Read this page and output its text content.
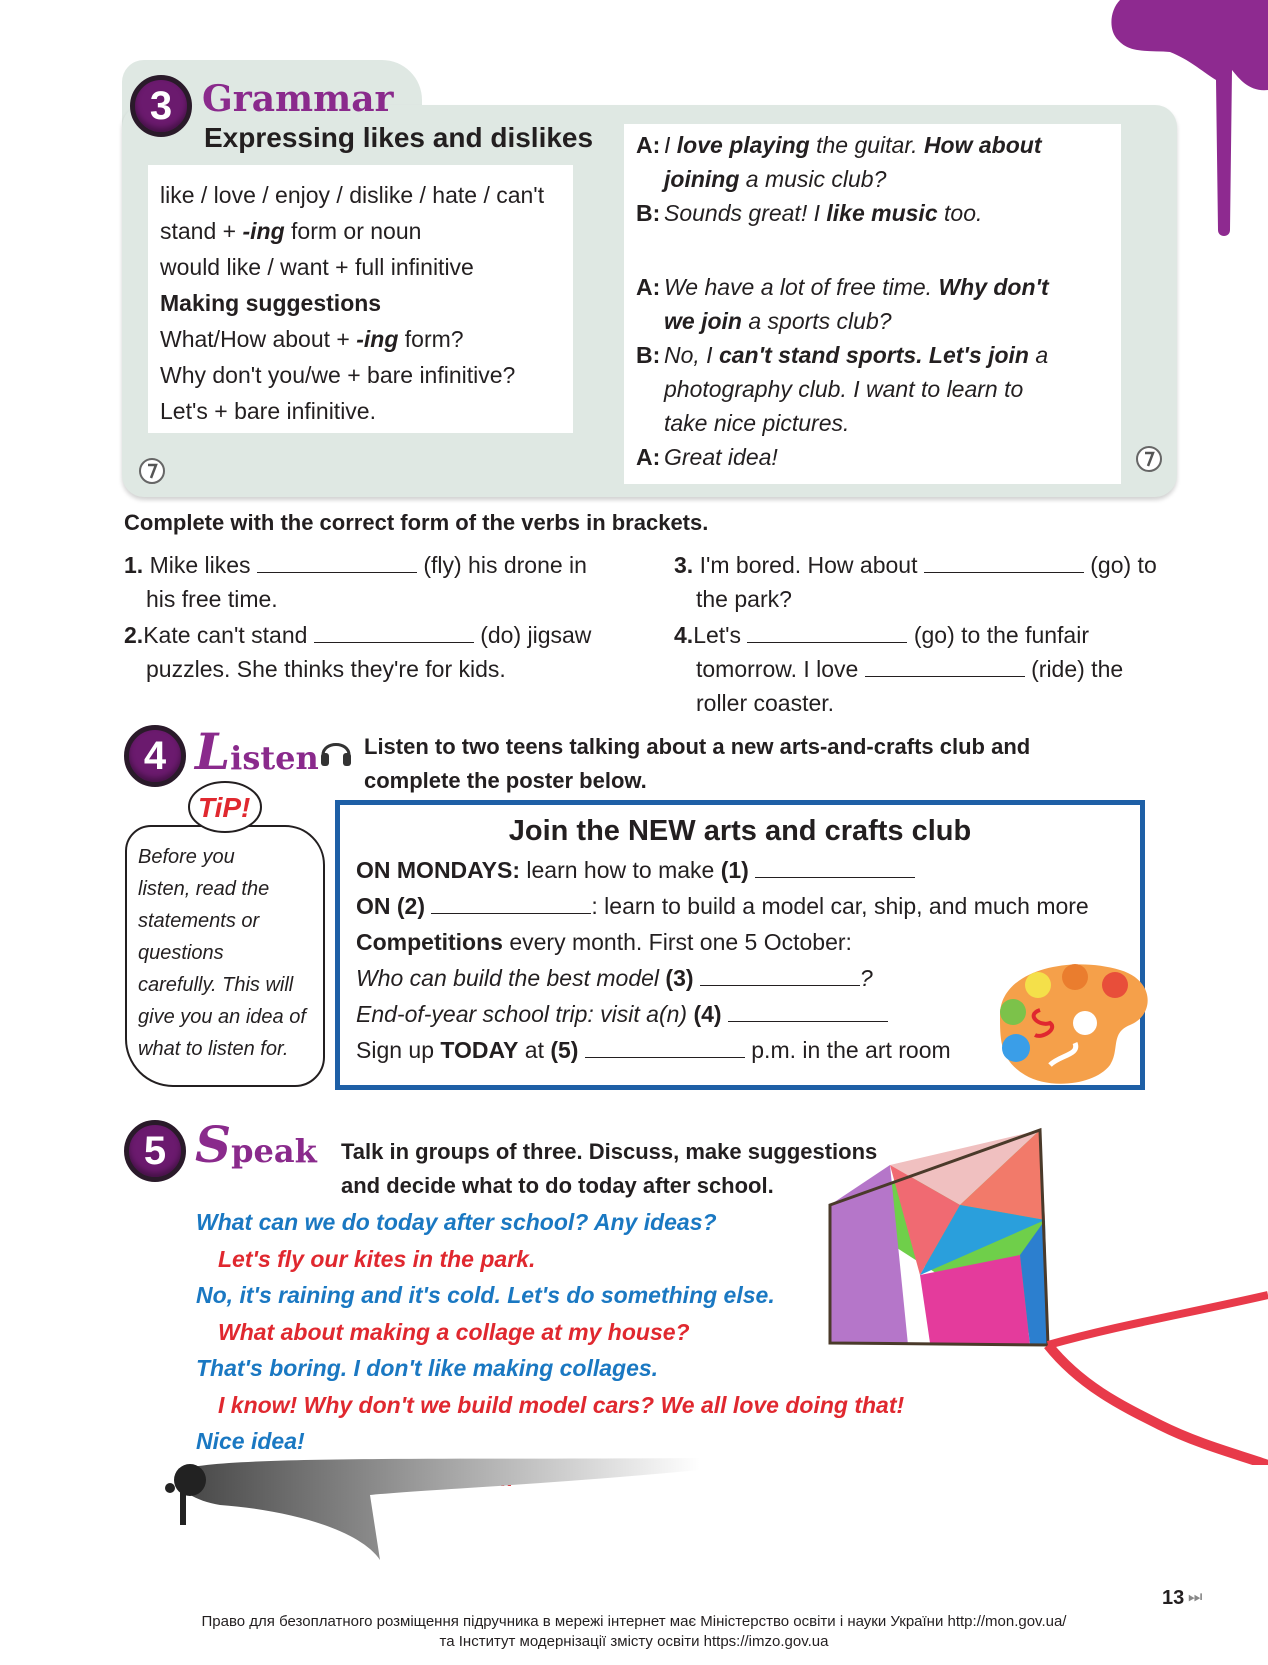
3 Grammar
Expressing likes and dislikes
like / love / enjoy / dislike / hate / can't
stand + -ing form or noun
would like / want + full infinitive
Making suggestions
What/How about + -ing form?
Why don't you/we + bare infinitive?
Let's + bare infinitive.
A: I love playing the guitar. How about
joining a music club?
B: Sounds great! I like music too.
A: We have a lot of free time. Why don't
we join a sports club?
B: No, I can't stand sports. Let's join a
photography club. I want to learn to
take nice pictures.
A: Great idea!
Complete with the correct form of the verbs in brackets.
1. Mike likes	(fly) his drone in
his free time.
2.Kate can't stand	(do) jigsaw
puzzles. She thinks they're for kids.
3. I'm bored. How about	(go) to
the park?
4.Let's	(go) to the funfair
tomorrow. I love	(ride) the
roller coaster.
4 Listen Listen to two teens talking about a new arts-and-crafts club and
complete the poster below.
TiP!
Before you
listen, read the
statements or
questions
carefully. This will
give you an idea of
what to listen for.
Join the NEW arts and crafts club
ON MONDAYS: learn how to make (1)
ON (2)	: learn to build a model car, ship, and much more
Competitions every month. First one 5 October:
Who can build the best model (3)	?
End-of-year school trip: visit a(n) (4)
Sign up TODAY at (5)	p.m. in the art room
5 Speak Talk in groups of three. Discuss, make suggestions
and decide what to do today after school.
What can we do today after school? Any ideas?
Let's fly our kites in the park.
No, it's raining and it's cold. Let's do something else.
What about making a collage at my house?
That's boring. I don't like making collages.
I know! Why don't we build model cars? We all love doing that!
Nice idea!
13 ⏭
Право для безоплатного розміщення підручника в мережі інтернет має Міністерство освіти і науки України http://mon.gov.ua/
та Інститут модернізації змісту освіти https://imzo.gov.ua
